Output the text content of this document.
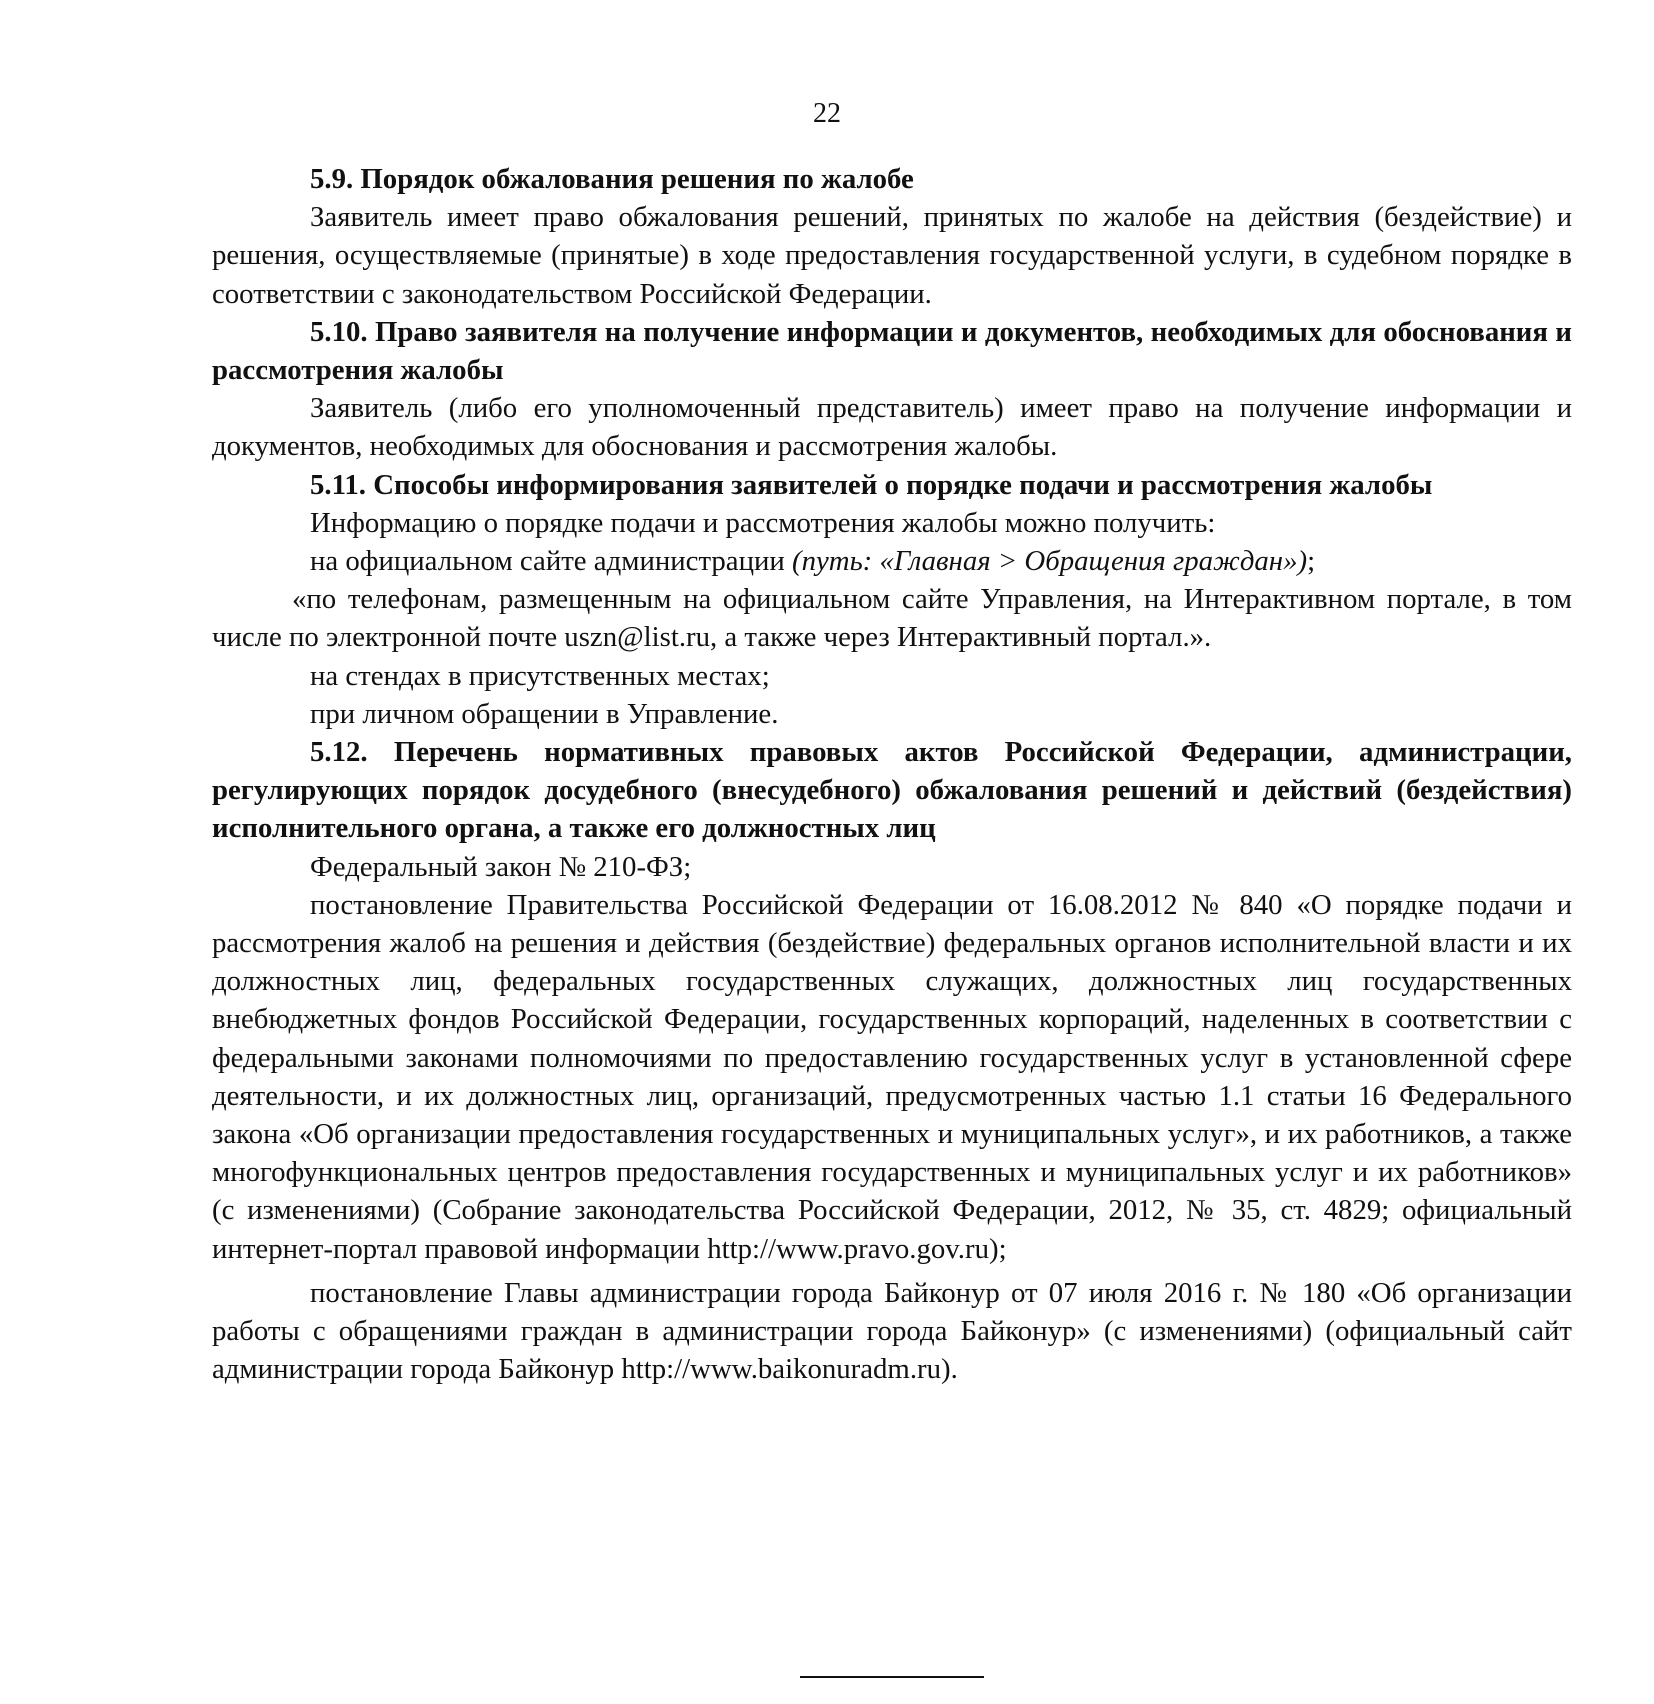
22

5.9. Порядок обжалования решения по жалобе

Заявитель имеет право обжалования решений, принятых по жалобе на действия (бездействие) и решения, осуществляемые (принятые) в ходе предоставления государственной услуги, в судебном порядке в соответствии с законодательством Российской Федерации.

5.10. Право заявителя на получение информации и документов, необходимых для обоснования и рассмотрения жалобы

Заявитель (либо его уполномоченный представитель) имеет право на получение информации и документов, необходимых для обоснования и рассмотрения жалобы.

5.11. Способы информирования заявителей о порядке подачи и рассмотрения жалобы

Информацию о порядке подачи и рассмотрения жалобы можно получить:

на официальном сайте администрации (путь: «Главная > Обращения граждан»);

«по телефонам, размещенным на официальном сайте Управления, на Интерактивном портале, в том числе по электронной почте uszn@list.ru, а также через Интерактивный портал.».

на стендах в присутственных местах;

при личном обращении в Управление.

5.12. Перечень нормативных правовых актов Российской Федерации, администрации, регулирующих порядок досудебного (внесудебного) обжалования решений и действий (бездействия) исполнительного органа, а также его должностных лиц

Федеральный закон № 210-ФЗ;

постановление Правительства Российской Федерации от 16.08.2012 № 840 «О порядке подачи и рассмотрения жалоб на решения и действия (бездействие) федеральных органов исполнительной власти и их должностных лиц, федеральных государственных служащих, должностных лиц государственных внебюджетных фондов Российской Федерации, государственных корпораций, наделенных в соответствии с федеральными законами полномочиями по предоставлению государственных услуг в установленной сфере деятельности, и их должностных лиц, организаций, предусмотренных частью 1.1 статьи 16 Федерального закона «Об организации предоставления государственных и муниципальных услуг», и их работников, а также многофункциональных центров предоставления государственных и муниципальных услуг и их работников» (с изменениями) (Собрание законодательства Российской Федерации, 2012, № 35, ст. 4829; официальный интернет-портал правовой информации http://www.pravo.gov.ru);

постановление Главы администрации города Байконур от 07 июля 2016 г. № 180 «Об организации работы с обращениями граждан в администрации города Байконур» (с изменениями) (официальный сайт администрации города Байконур http://www.baikonuradm.ru).
